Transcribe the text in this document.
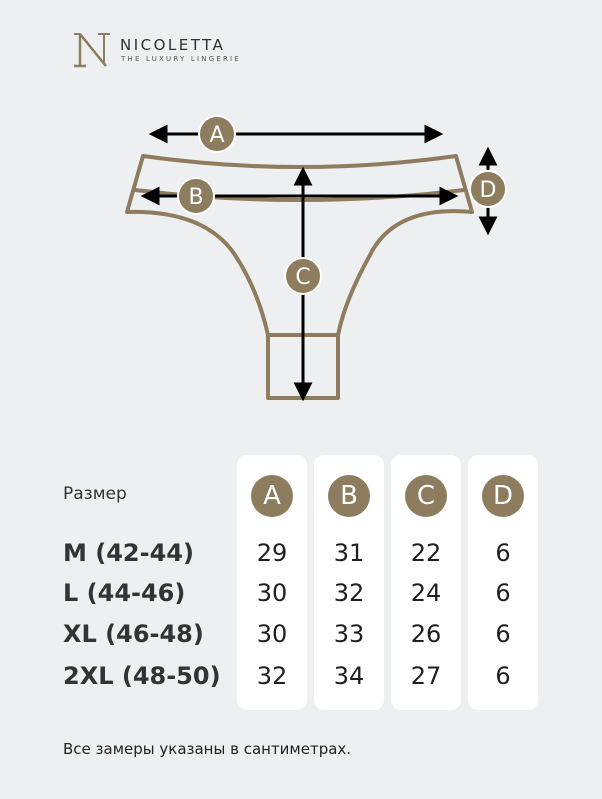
NICOLETTA
THE LUXURY LINGERIE
A
B
C
D
Размер
M (42-44)
L (44-46)
XL (46-48)
2XL (48-50)
A
29
30
30
32
B
31
32
33
34
C
22
24
26
27
D
6
6
6
6
Все замеры указаны в сантиметрах.
